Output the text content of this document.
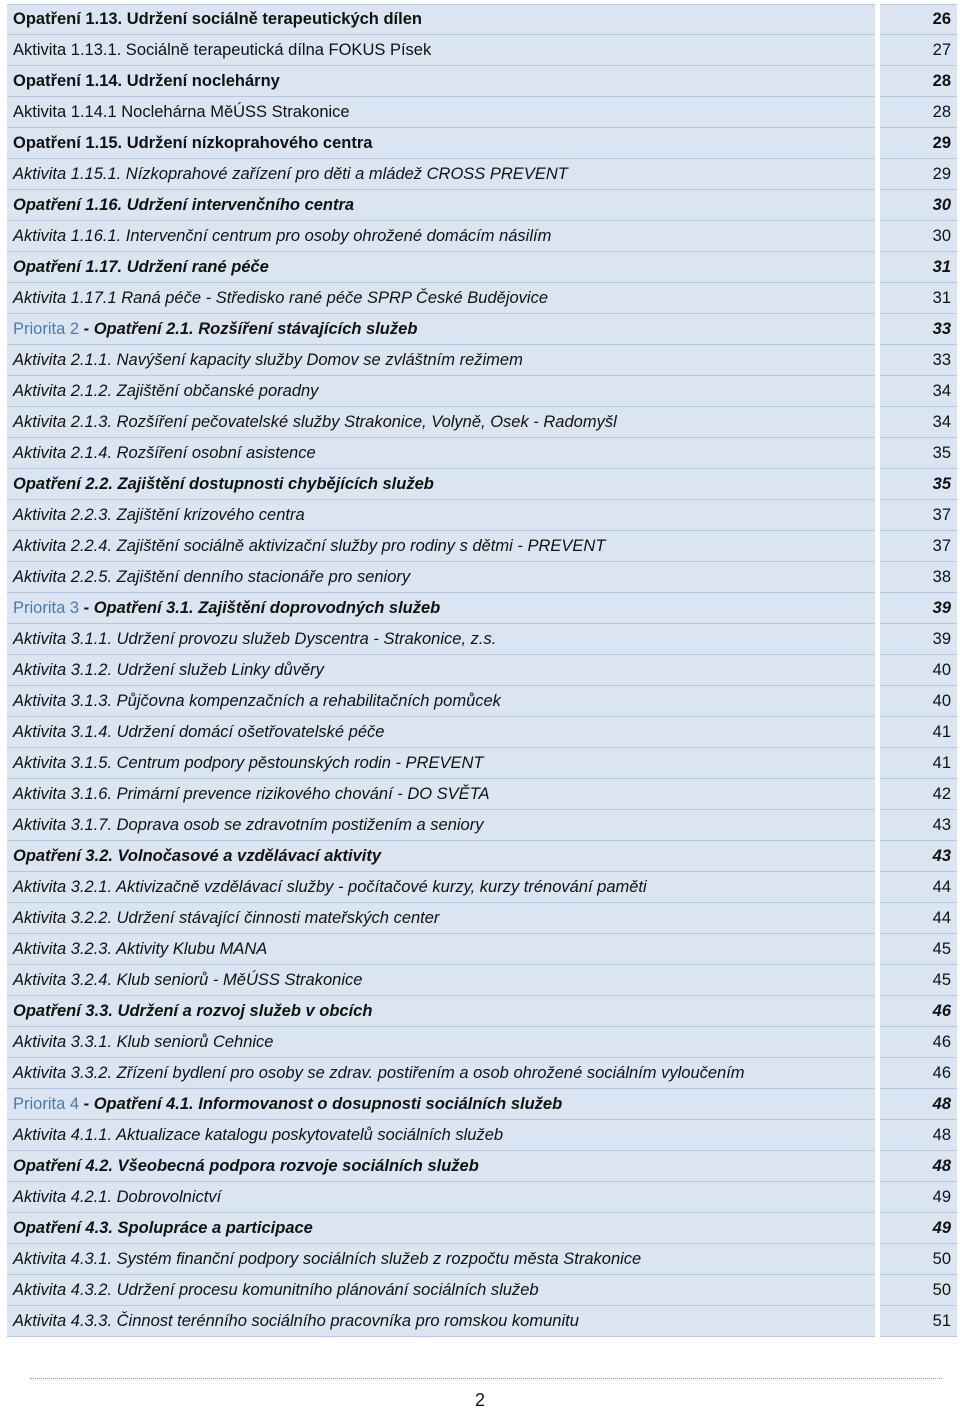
Opatření 1.13. Udržení sociálně terapeutických dílen	26
Aktivita 1.13.1. Sociálně terapeutická dílna FOKUS Písek	27
Opatření 1.14. Udržení noclehárny	28
Aktivita 1.14.1 Noclehárna MěÚSS Strakonice	28
Opatření 1.15. Udržení nízkoprahového centra	29
Aktivita 1.15.1. Nízkoprahové zařízení pro děti a mládež CROSS PREVENT	29
Opatření 1.16. Udržení intervenčního centra	30
Aktivita 1.16.1. Intervenční centrum pro osoby ohrožené domácím násilím	30
Opatření 1.17. Udržení rané péče	31
Aktivita 1.17.1 Raná péče - Středisko rané péče SPRP České Budějovice	31
Priorita 2 - Opatření 2.1. Rozšíření stávajících služeb	33
Aktivita 2.1.1. Navýšení kapacity služby Domov se zvláštním režimem	33
Aktivita 2.1.2. Zajištění občanské poradny	34
Aktivita 2.1.3. Rozšíření pečovatelské služby Strakonice, Volyně, Osek - Radomyšl	34
Aktivita 2.1.4. Rozšíření osobní asistence	35
Opatření 2.2. Zajištění dostupnosti chybějících služeb	35
Aktivita 2.2.3. Zajištění krizového centra	37
Aktivita 2.2.4. Zajištění sociálně aktivizační služby pro rodiny s dětmi - PREVENT	37
Aktivita 2.2.5. Zajištění denního stacionáře pro seniory	38
Priorita 3 - Opatření 3.1. Zajištění doprovodných služeb	39
Aktivita 3.1.1. Udržení provozu služeb Dyscentra - Strakonice, z.s.	39
Aktivita 3.1.2. Udržení služeb Linky důvěry	40
Aktivita 3.1.3. Půjčovna kompenzačních a rehabilitačních pomůcek	40
Aktivita 3.1.4. Udržení domácí ošetřovatelské péče	41
Aktivita 3.1.5. Centrum podpory pěstounských rodin - PREVENT	41
Aktivita 3.1.6. Primární prevence rizikového chování - DO SVĚTA	42
Aktivita 3.1.7. Doprava osob se zdravotním postižením a seniory	43
Opatření 3.2. Volnočasové a vzdělávací aktivity	43
Aktivita 3.2.1. Aktivizačně vzdělávací služby - počítačové kurzy, kurzy trénování paměti	44
Aktivita 3.2.2. Udržení stávající činnosti mateřských center	44
Aktivita 3.2.3. Aktivity Klubu MANA	45
Aktivita 3.2.4. Klub seniorů - MěÚSS Strakonice	45
Opatření 3.3. Udržení a rozvoj služeb v obcích	46
Aktivita 3.3.1. Klub seniorů Cehnice	46
Aktivita 3.3.2. Zřízení bydlení pro osoby se zdrav. postiřením a osob ohrožené sociálním vyloučením	46
Priorita 4 - Opatření 4.1. Informovanost o dosupnosti sociálních služeb	48
Aktivita 4.1.1. Aktualizace katalogu poskytovatelů sociálních služeb	48
Opatření 4.2. Všeobecná podpora rozvoje sociálních služeb	48
Aktivita 4.2.1. Dobrovolnictví	49
Opatření 4.3. Spolupráce a participace	49
Aktivita 4.3.1. Systém finanční podpory sociálních služeb z rozpočtu města Strakonice	50
Aktivita 4.3.2. Udržení procesu komunitního plánování sociálních služeb	50
Aktivita 4.3.3. Činnost terénního sociálního pracovníka pro romskou komunitu	51
2
